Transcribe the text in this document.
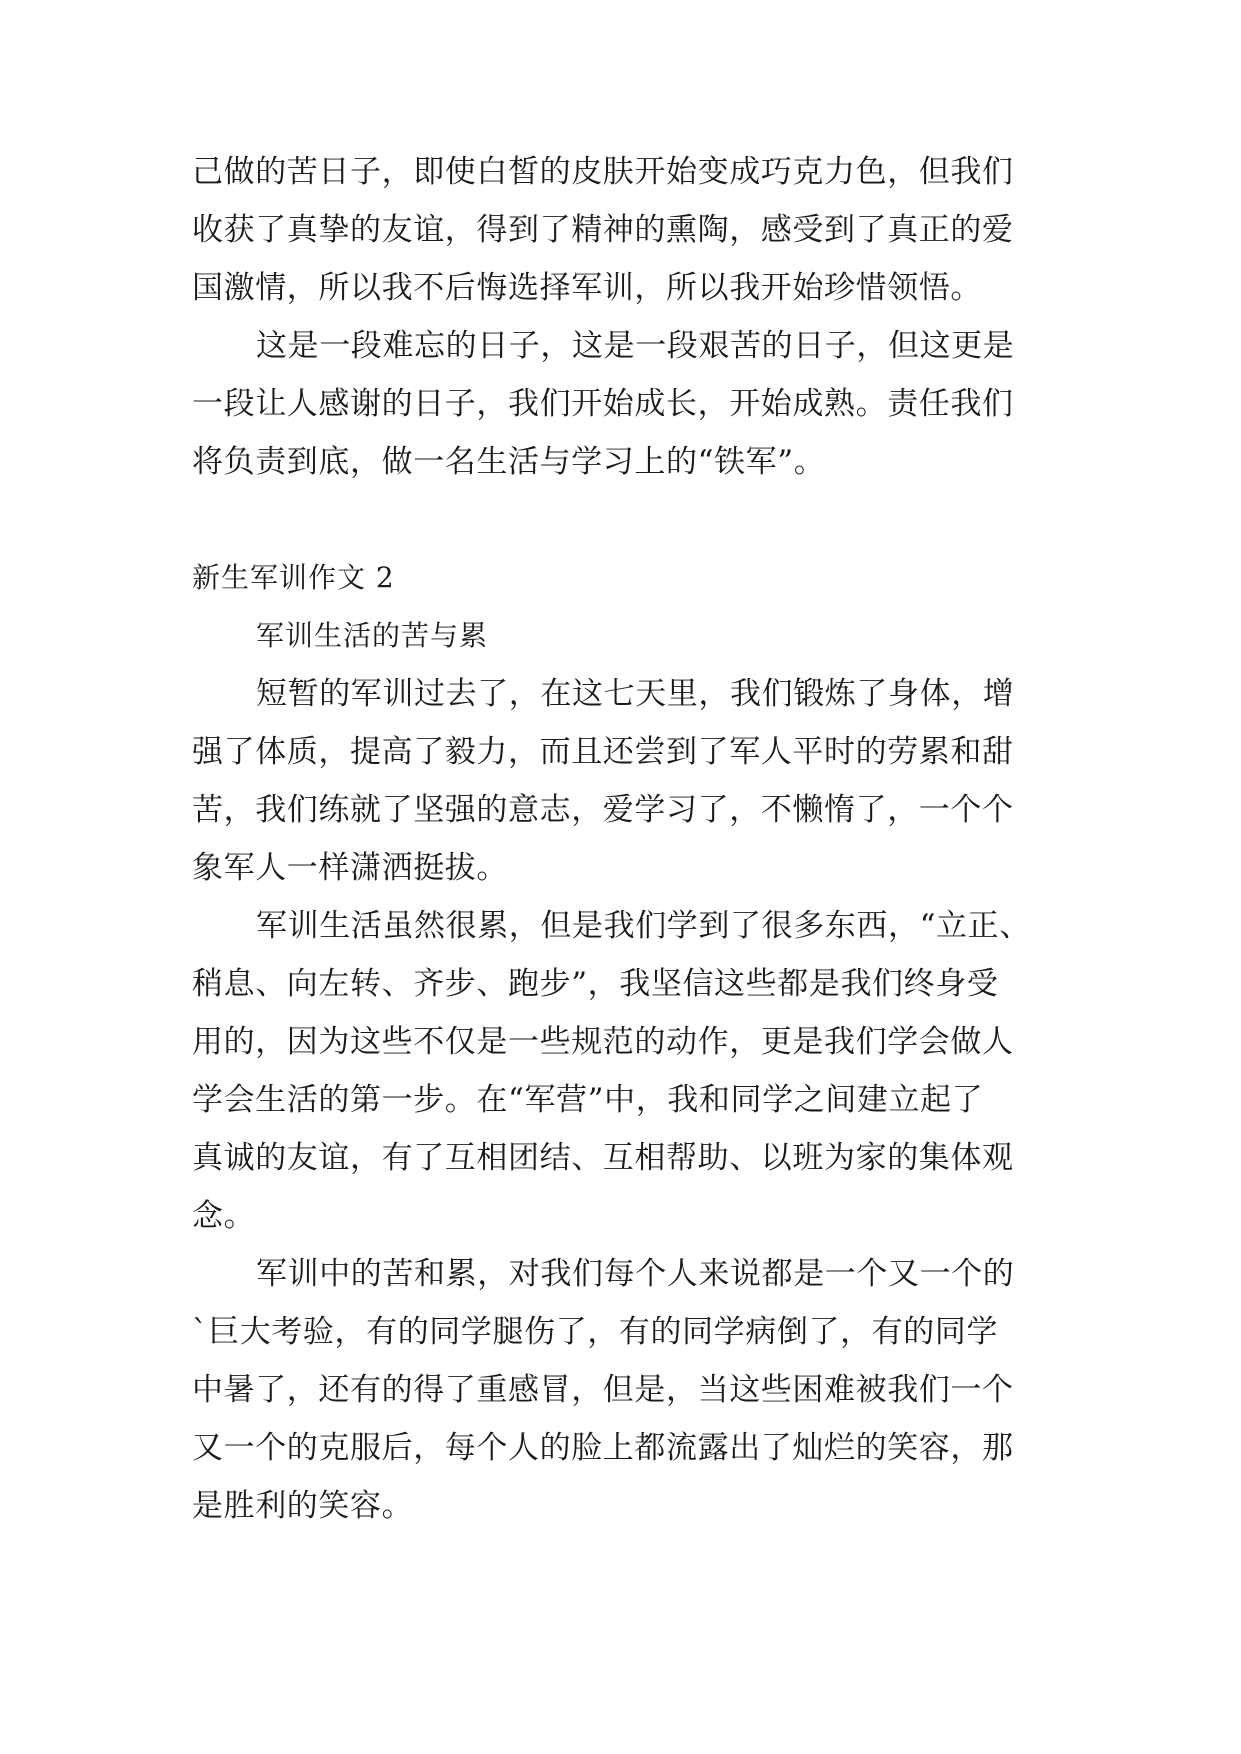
己做的苦日子，即使白皙的皮肤开始变成巧克力色，但我们
收获了真挚的友谊，得到了精神的熏陶，感受到了真正的爱
国激情，所以我不后悔选择军训，所以我开始珍惜领悟。
这是一段难忘的日子，这是一段艰苦的日子，但这更是
一段让人感谢的日子，我们开始成长，开始成熟。责任我们
将负责到底，做一名生活与学习上的“铁军”。
新生军训作文 2
军训生活的苦与累
短暂的军训过去了，在这七天里，我们锻炼了身体，增
强了体质，提高了毅力，而且还尝到了军人平时的劳累和甜
苦，我们练就了坚强的意志，爱学习了，不懒惰了，一个个
象军人一样潇洒挺拔。
军训生活虽然很累，但是我们学到了很多东西，“立正、
稍息、向左转、齐步、跑步”，我坚信这些都是我们终身受
用的，因为这些不仅是一些规范的动作，更是我们学会做人
学会生活的第一步。在“军营”中，我和同学之间建立起了
真诚的友谊，有了互相团结、互相帮助、以班为家的集体观
念。
军训中的苦和累，对我们每个人来说都是一个又一个的
`巨大考验，有的同学腿伤了，有的同学病倒了，有的同学
中暑了，还有的得了重感冒，但是，当这些困难被我们一个
又一个的克服后，每个人的脸上都流露出了灿烂的笑容，那
是胜利的笑容。
